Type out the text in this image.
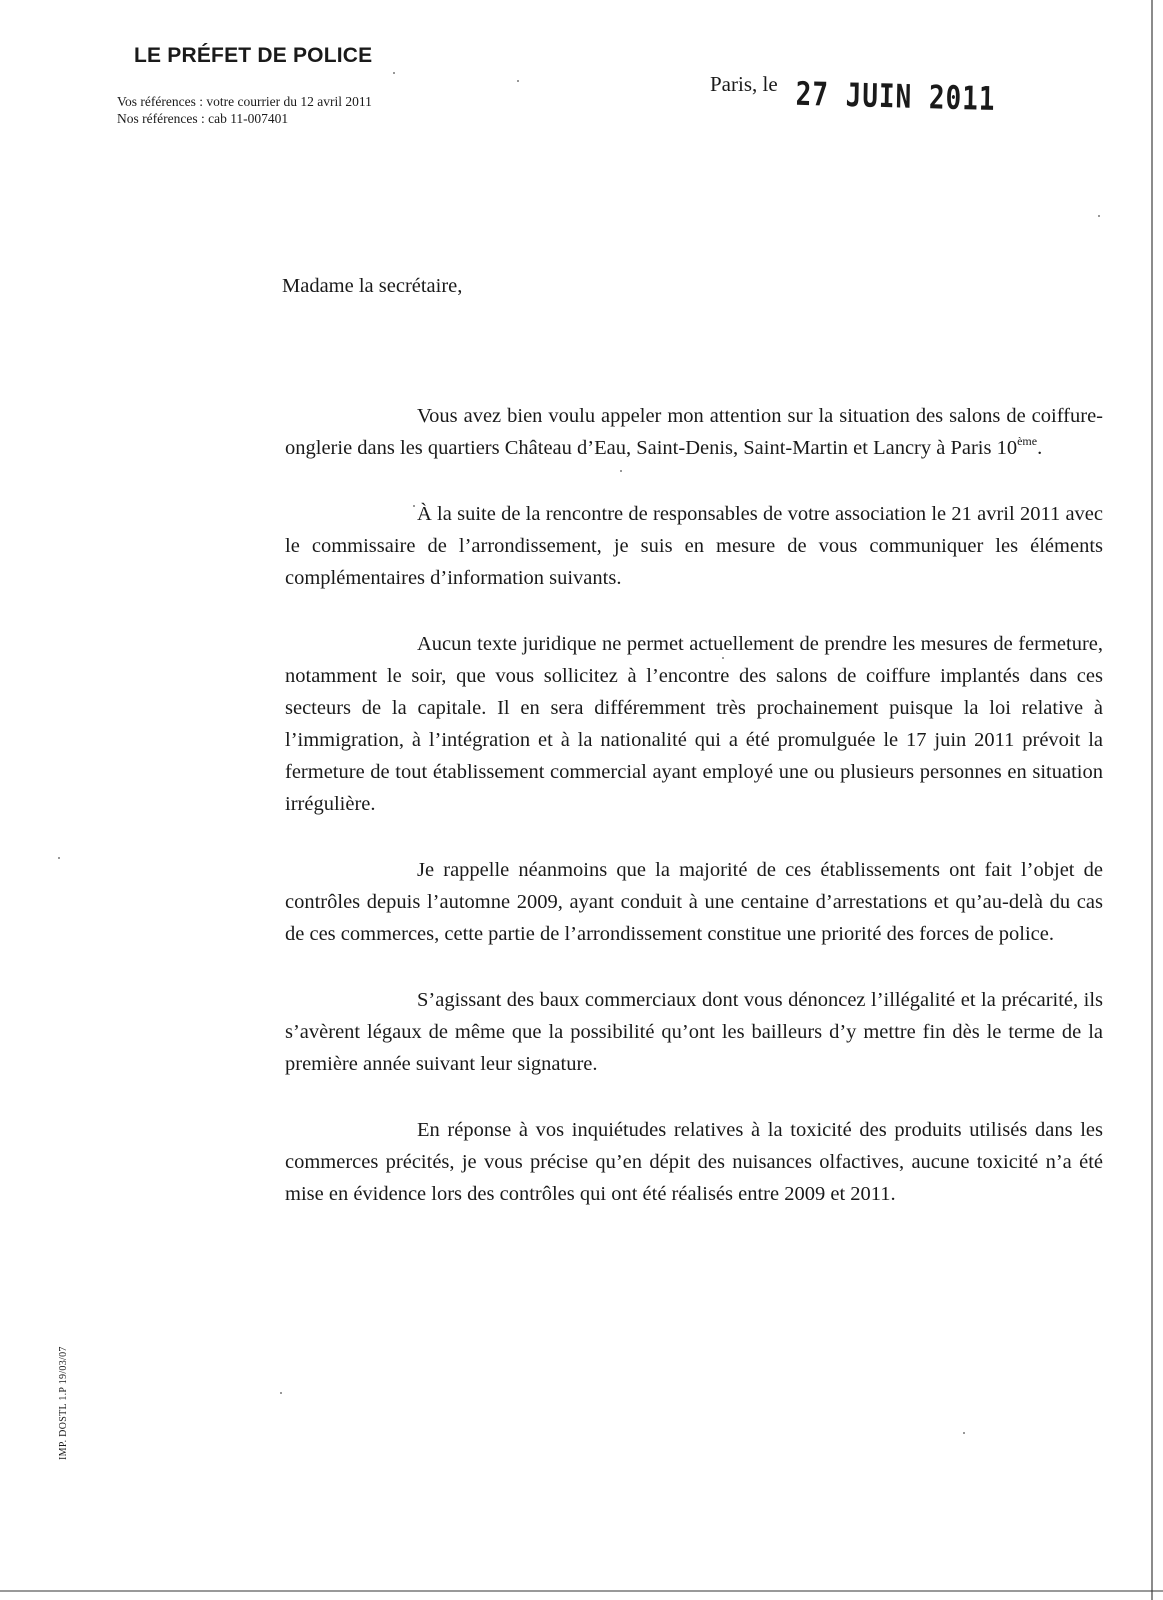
LE PRÉFET DE POLICE
Vos références : votre courrier du 12 avril 2011
Nos références : cab 11-007401
Paris, le 27 JUIN 2011
Madame la secrétaire,

Vous avez bien voulu appeler mon attention sur la situation des salons de coiffure-onglerie dans les quartiers Château d’Eau, Saint-Denis, Saint-Martin et Lancry à Paris 10ème.

À la suite de la rencontre de responsables de votre association le 21 avril 2011 avec le commissaire de l’arrondissement, je suis en mesure de vous communiquer les éléments complémentaires d’information suivants.

Aucun texte juridique ne permet actuellement de prendre les mesures de fermeture, notamment le soir, que vous sollicitez à l’encontre des salons de coiffure implantés dans ces secteurs de la capitale. Il en sera différemment très prochainement puisque la loi relative à l’immigration, à l’intégration et à la nationalité qui a été promulguée le 17 juin 2011 prévoit la fermeture de tout établissement commercial ayant employé une ou plusieurs personnes en situation irrégulière.

Je rappelle néanmoins que la majorité de ces établissements ont fait l’objet de contrôles depuis l’automne 2009, ayant conduit à une centaine d’arrestations et qu’au-delà du cas de ces commerces, cette partie de l’arrondissement constitue une priorité des forces de police.

S’agissant des baux commerciaux dont vous dénoncez l’illégalité et la précarité, ils s’avèrent légaux de même que la possibilité qu’ont les bailleurs d’y mettre fin dès le terme de la première année suivant leur signature.

En réponse à vos inquiétudes relatives à la toxicité des produits utilisés dans les commerces précités, je vous précise qu’en dépit des nuisances olfactives, aucune toxicité n’a été mise en évidence lors des contrôles qui ont été réalisés entre 2009 et 2011.

IMP. DOSTL 1.P 19/03/07
